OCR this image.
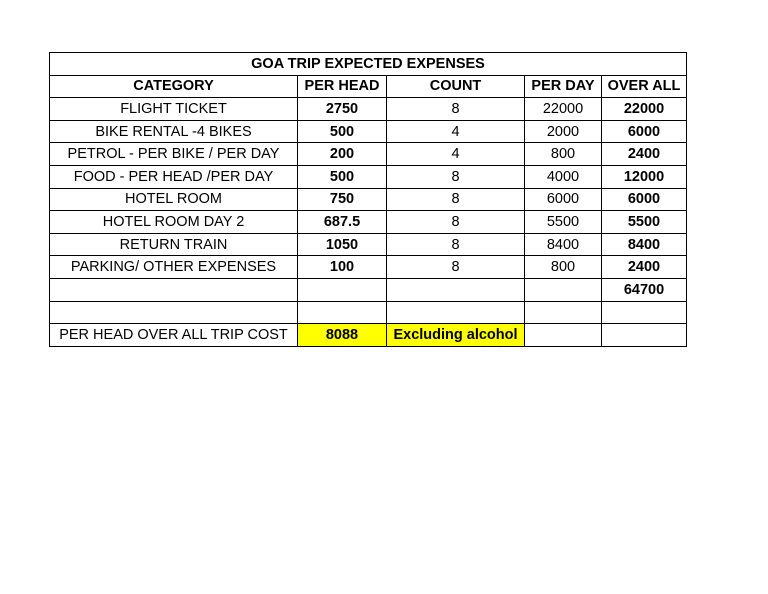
GOA TRIP EXPECTED EXPENSES				
CATEGORY	PER HEAD	COUNT	PER DAY	OVER ALL
FLIGHT TICKET	2750	8	22000	22000
BIKE RENTAL -4 BIKES	500	4	2000	6000
PETROL - PER BIKE / PER DAY	200	4	800	2400
FOOD - PER HEAD /PER DAY	500	8	4000	12000
HOTEL ROOM	750	8	6000	6000
HOTEL ROOM DAY 2	687.5	8	5500	5500
RETURN TRAIN	1050	8	8400	8400
PARKING/ OTHER EXPENSES	100	8	800	2400
				64700

PER HEAD OVER ALL TRIP COST	8088	Excluding alcohol		
